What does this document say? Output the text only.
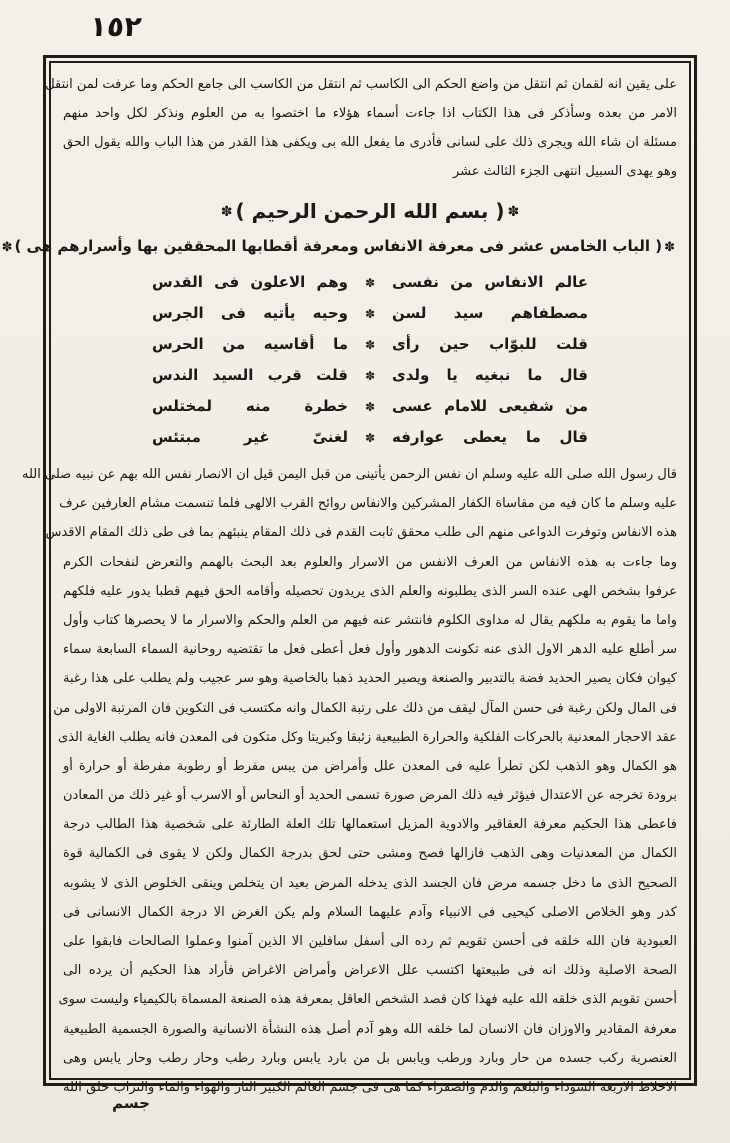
١٥٢
على يقين انه لقمان ثم انتقل من واضع الحكم الى الكاسب ثم انتقل من الكاسب الى جامع الحكم وما عرفت لمن انتقل
الامر من بعده وسأذكر فى هذا الكتاب اذا جاءت أسماء هؤلاء ما اختصوا به من العلوم ونذكر لكل واحد منهم
مسئلة ان شاء الله ويجرى ذلك على لسانى فأدرى ما يفعل الله بى ويكفى هذا القدر من هذا الباب والله يقول الحق
وهو يهدى السبيل انتهى الجزء الثالث عشر
✽( بسم الله الرحمن الرحيم )✽
✽( الباب الخامس عشر فى معرفة الانفاس ومعرفة أقطابها المحققين بها وأسرارهم هى )✽
عالم الانفاس من نفسى
✽
وهم الاعلون فى القدس
مصطفاهم سيد لسن
✽
وحيه يأتيه فى الجرس
قلت للبوّاب حين رأى
✽
ما أقاسيه من الحرس
قال ما نبغيه يا ولدى
✽
قلت قرب السيد الندس
من شفيعى للامام عسى
✽
خطرة منه لمختلس
قال ما يعطى عوارفه
✽
لغنىّ غير مبتئس
قال رسول الله صلى الله عليه وسلم ان نفس الرحمن يأتينى من قبل اليمن قيل ان الانصار نفس الله بهم عن نبيه صلى الله
عليه وسلم ما كان فيه من مقاساة الكفار المشركين والانفاس روائح القرب الالهى فلما تنسمت مشام العارفين عرف
هذه الانفاس وتوفرت الدواعى منهم الى طلب محقق ثابت القدم فى ذلك المقام ينبئهم بما فى طى ذلك المقام الاقدس
وما جاءت به هذه الانفاس من العرف الانفس من الاسرار والعلوم بعد البحث بالهمم والتعرض لنفحات الكرم
عرفوا بشخص الهى عنده السر الذى يطلبونه والعلم الذى يريدون تحصيله وأقامه الحق فيهم قطبا يدور عليه فلكهم
واما ما يقوم به ملكهم يقال له مداوى الكلوم فانتشر عنه فيهم من العلم والحكم والاسرار ما لا يحصرها كتاب وأول
سر أطلع عليه الدهر الاول الذى عنه تكونت الدهور وأول فعل أعطى فعل ما تقتضيه روحانية السماء السابعة سماء
كيوان فكان يصير الحديد فضة بالتدبير والصنعة ويصير الحديد ذهبا بالخاصية وهو سر عجيب ولم يطلب على هذا رغبة
فى المال ولكن رغبة فى حسن المآل ليقف من ذلك على رتبة الكمال وانه مكتسب فى التكوين فان المرتبة الاولى من
عقد الاحجار المعدنية بالحركات الفلكية والحرارة الطبيعية زئبقا وكبريتا وكل متكون فى المعدن فانه يطلب الغاية الذى
هو الكمال وهو الذهب لكن تطرأ عليه فى المعدن علل وأمراض من يبس مفرط أو رطوبة مفرطة أو حرارة أو
برودة تخرجه عن الاعتدال فيؤثر فيه ذلك المرض صورة تسمى الحديد أو النحاس أو الاسرب أو غير ذلك من المعادن
فاعطى هذا الحكيم معرفة العقاقير والادوية المزيل استعمالها تلك العلة الطارئة على شخصية هذا الطالب درجة
الكمال من المعدنيات وهى الذهب فازالها فصح ومشى حتى لحق بدرجة الكمال ولكن لا يقوى فى الكمالية قوة
الصحيح الذى ما دخل جسمه مرض فان الجسد الذى يدخله المرض بعيد ان يتخلص وينقى الخلوص الذى لا يشوبه
كدر وهو الخلاص الاصلى كيحيى فى الانبياء وآدم عليهما السلام ولم يكن الغرض الا درجة الكمال الانسانى فى
العبودية فان الله خلقه فى أحسن تقويم ثم رده الى أسفل سافلين الا الذين آمنوا وعملوا الصالحات فابقوا على
الصحة الاصلية وذلك انه فى طبيعتها اكتسب علل الاعراض وأمراض الاغراض فأراد هذا الحكيم أن يرده الى
أحسن تقويم الذى خلقه الله عليه فهذا كان قصد الشخص العاقل بمعرفة هذه الصنعة المسماة بالكيمياء وليست سوى
معرفة المقادير والاوزان فان الانسان لما خلقه الله وهو آدم أصل هذه النشأة الانسانية والصورة الجسمية الطبيعية
العنصرية ركب جسده من حار وبارد ورطب ويابس بل من بارد يابس وبارد رطب وحار رطب وحار يابس وهى
الاخلاط الاربعة السوداء والبلغم والدم والصفراء كما هى فى جسم العالم الكبير النار والهواء والماء والتراب خلق الله
جسم
